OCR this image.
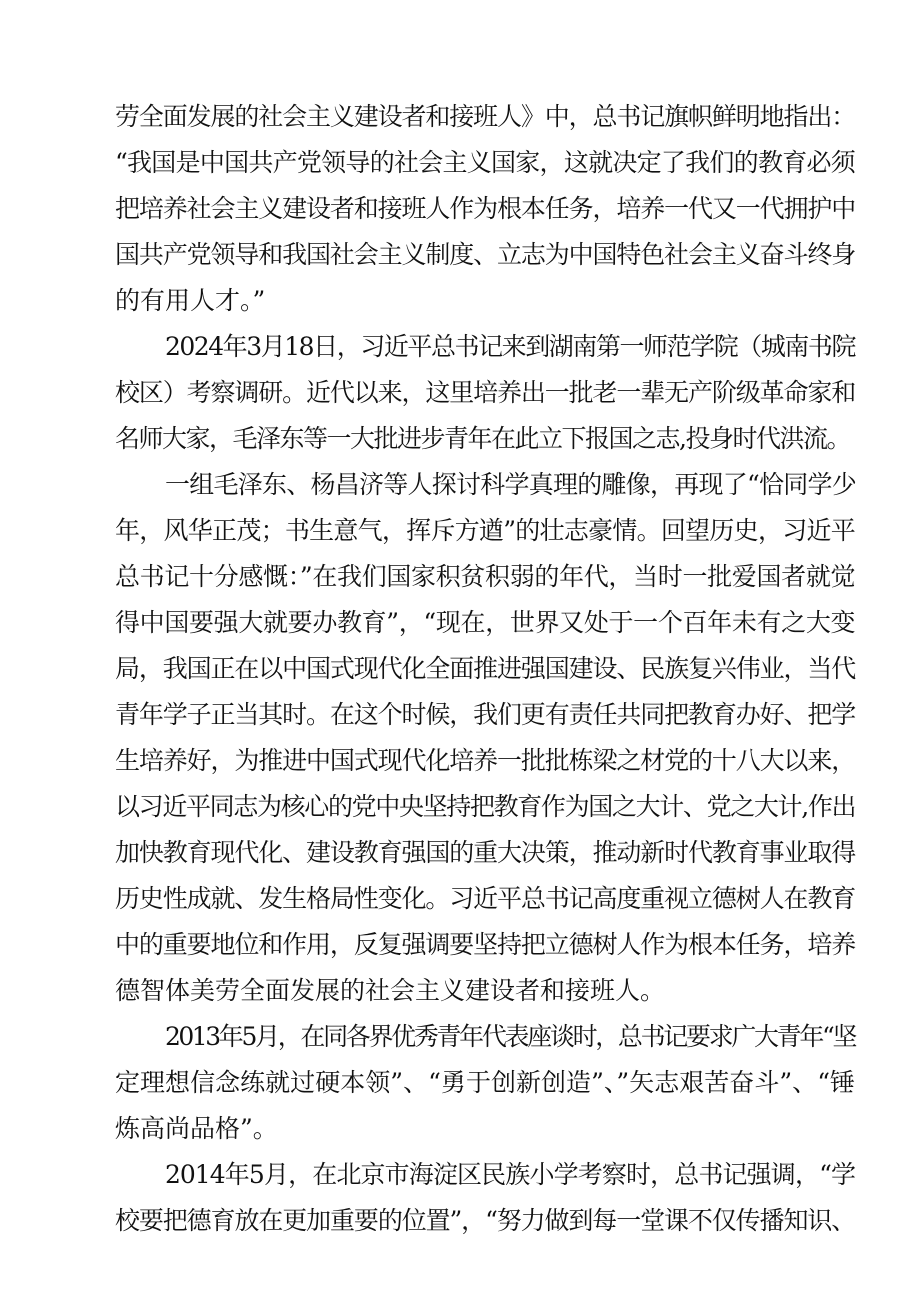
劳全面发展的社会主义建设者和接班人》中，总书记旗帜鲜明地指出：
“我国是中国共产党领导的社会主义国家，这就决定了我们的教育必须
把培养社会主义建设者和接班人作为根本任务，培养一代又一代拥护中
国共产党领导和我国社会主义制度、立志为中国特色社会主义奋斗终身
的有用人才。”
2024年3月18日，习近平总书记来到湖南第一师范学院（城南书院
校区）考察调研。近代以来，这里培养出一批老一辈无产阶级革命家和
名师大家，毛泽东等一大批进步青年在此立下报国之志,投身时代洪流。
一组毛泽东、杨昌济等人探讨科学真理的雕像，再现了“恰同学少
年，风华正茂；书生意气，挥斥方遒”的壮志豪情。回望历史，习近平
总书记十分感慨：”在我们国家积贫积弱的年代，当时一批爱国者就觉
得中国要强大就要办教育”，“现在，世界又处于一个百年未有之大变
局，我国正在以中国式现代化全面推进强国建设、民族复兴伟业，当代
青年学子正当其时。在这个时候，我们更有责任共同把教育办好、把学
生培养好，为推进中国式现代化培养一批批栋梁之材党的十八大以来，
以习近平同志为核心的党中央坚持把教育作为国之大计、党之大计,作出
加快教育现代化、建设教育强国的重大决策，推动新时代教育事业取得
历史性成就、发生格局性变化。习近平总书记高度重视立德树人在教育
中的重要地位和作用，反复强调要坚持把立德树人作为根本任务，培养
德智体美劳全面发展的社会主义建设者和接班人。
2013年5月，在同各界优秀青年代表座谈时，总书记要求广大青年“坚
定理想信念练就过硬本领”、“勇于创新创造”、”矢志艰苦奋斗”、“锤
炼高尚品格”。
2014年5月，在北京市海淀区民族小学考察时，总书记强调，“学
校要把德育放在更加重要的位置”，“努力做到每一堂课不仅传播知识、
